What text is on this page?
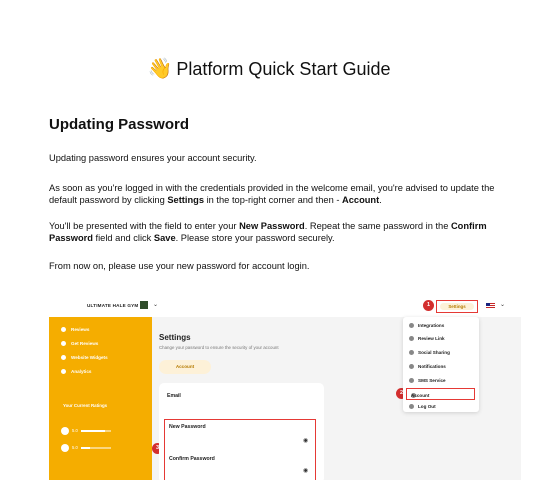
👋 Platform Quick Start Guide
Updating Password

Updating password ensures your account security.

As soon as you're logged in with the credentials provided in the welcome email, you're advised to update the default password by clicking Settings in the top-right corner and then - Account.

You'll be presented with the field to enter your New Password. Repeat the same password in the Confirm Password field and click Save. Please store your password securely.

From now on, please use your new password for account login.

ULTIMATE HALE GYM ⌄	Settings	⌄
Reviews
Get Reviews
Website Widgets
Analytics
Your Current Ratings
5.0
5.0
1
2
3
Settings
Change your password to ensure the security of your account
Account
Email
New Password
◉
Confirm Password
◉
Integrations
Review Link
Social Sharing
Notifications
SMS Service
Account
Log Out
